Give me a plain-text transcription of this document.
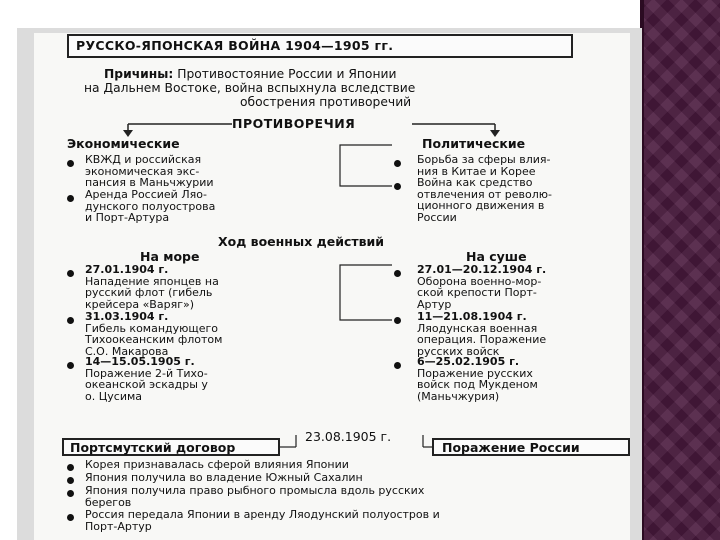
РУССКО-ЯПОНСКАЯ ВОЙНА 1904—1905 гг.
Причины: Противостояние России и Японии
на Дальнем Востоке, война вспыхнула вследствие
обострения противоречий
ПРОТИВОРЕЧИЯ
Экономические
КВЖД и российская
экономическая экс-
пансия в Маньчжурии
Аренда Россией Ляо-
дунского полуострова
и Порт-Артура
Политические
Борьба за сферы влия-
ния в Китае и Корее
Война как средство
отвлечения от револю-
ционного движения в
России
Ход военных действий
На море
27.01.1904 г.
Нападение японцев на
русский флот (гибель
крейсера «Варяг»)
31.03.1904 г.
Гибель командующего
Тихоокеанским флотом
С.О. Макарова
14—15.05.1905 г.
Поражение 2-й Тихо-
океанской эскадры у
о. Цусима
На суше
27.01—20.12.1904 г.
Оборона военно-мор-
ской крепости Порт-
Артур
11—21.08.1904 г.
Ляодунская военная
операция. Поражение
русских войск
6—25.02.1905 г.
Поражение русских
войск под Мукденом
(Маньчжурия)
Портсмутский договор
23.08.1905 г.
Поражение России
Корея признавалась сферой влияния Японии
Япония получила во владение Южный Сахалин
Япония получила право рыбного промысла вдоль русских
берегов
Россия передала Японии в аренду Ляодунский полуостров и
Порт-Артур
